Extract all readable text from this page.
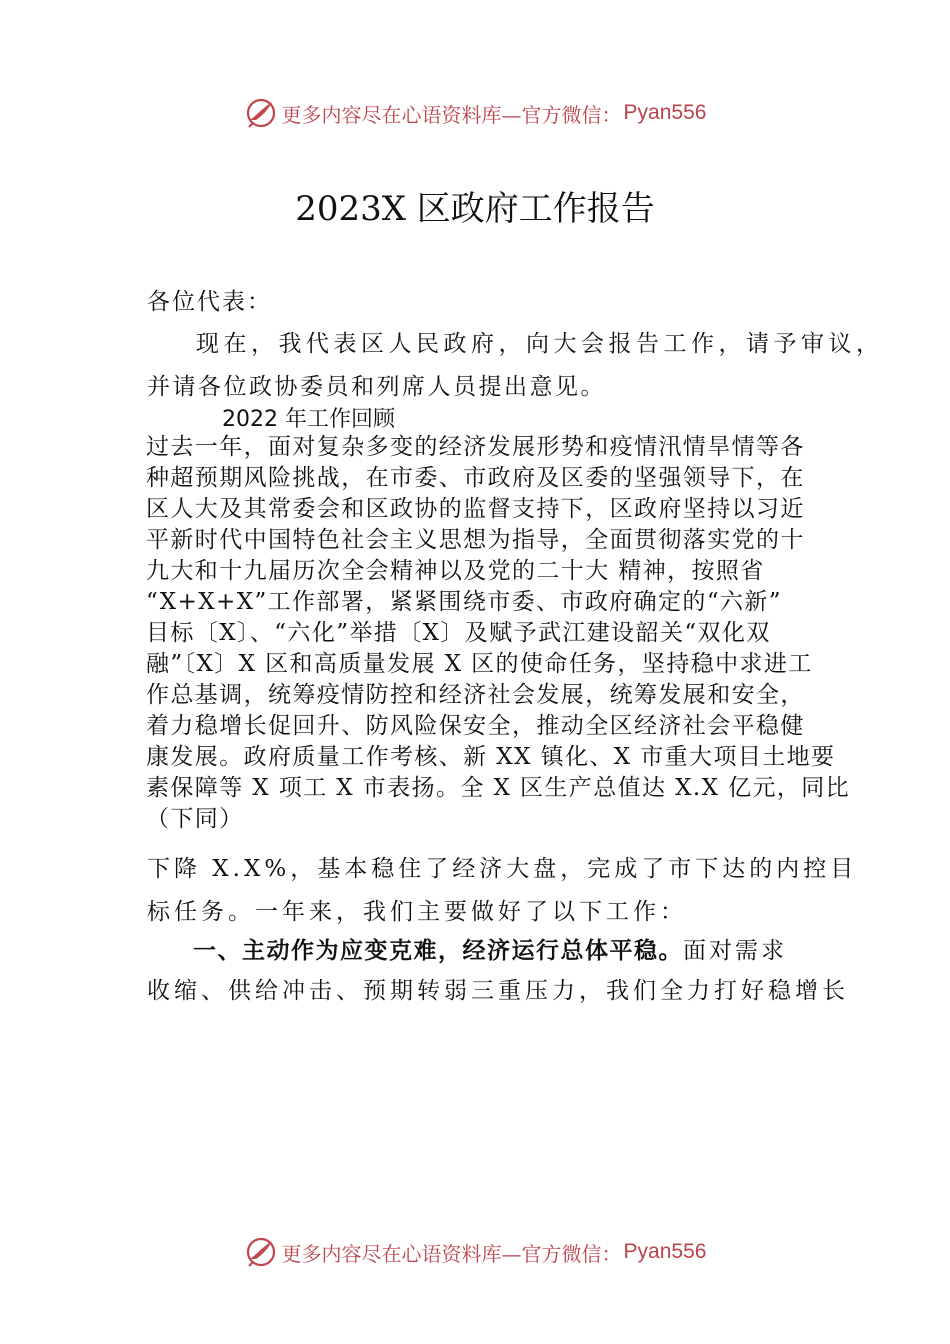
更多内容尽在心语资料库—官方微信： Pyan556
2023X 区政府工作报告
各位代表：
现在，我代表区人民政府，向大会报告工作，请予审议，
并请各位政协委员和列席人员提出意见。
2022 年工作回顾
过去一年，面对复杂多变的经济发展形势和疫情汛情旱情等各
种超预期风险挑战，在市委、市政府及区委的坚强领导下，在
区人大及其常委会和区政协的监督支持下，区政府坚持以习近
平新时代中国特色社会主义思想为指导，全面贯彻落实党的十
九大和十九届历次全会精神以及党的二十大 精神，按照省
“X+X+X”工作部署，紧紧围绕市委、市政府确定的“六新”
目标〔X〕、“六化”举措〔X〕及赋予武江建设韶关“双化双
融”〔X〕X 区和高质量发展 X 区的使命任务，坚持稳中求进工
作总基调，统筹疫情防控和经济社会发展，统筹发展和安全，
着力稳增长促回升、防风险保安全，推动全区经济社会平稳健
康发展。政府质量工作考核、新 XX 镇化、X 市重大项目土地要
素保障等 X 项工 X 市表扬。全 X 区生产总值达 X.X 亿元，同比
（下同）
下降 X.X%，基本稳住了经济大盘，完成了市下达的内控目
标任务。一年来，我们主要做好了以下工作：
一、主动作为应变克难，经济运行总体平稳。面对需求
收缩、供给冲击、预期转弱三重压力，我们全力打好稳增长
更多内容尽在心语资料库—官方微信： Pyan556
